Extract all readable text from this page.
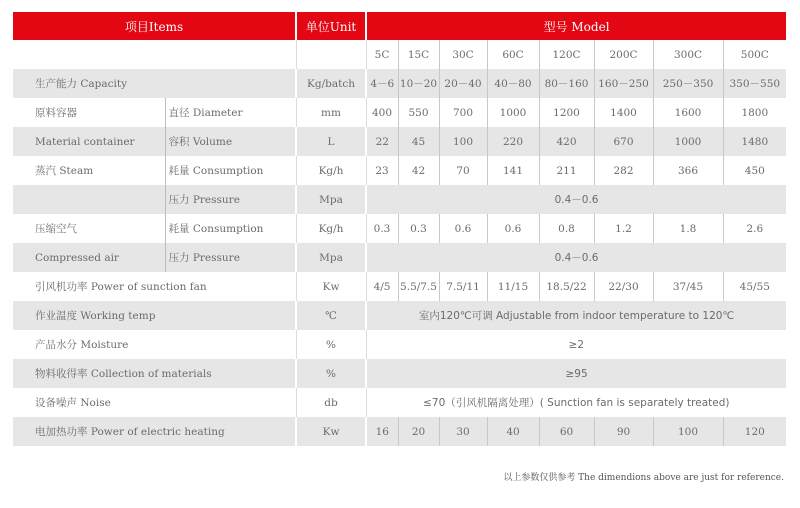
项目Items		单位Unit	型号 Model							
			5C	15C	30C	60C	120C	200C	300C	500C
生产能力 Capacity		Kg/batch	4－6	10－20	20－40	40－80	80－160	160－250	250－350	350－550
原料容器	直径 Diameter	mm	400	550	700	1000	1200	1400	1600	1800
Material container	容积 Volume	L	22	45	100	220	420	670	1000	1480
蒸汽 Steam	耗量 Consumption	Kg/h	23	42	70	141	211	282	366	450
	压力 Pressure	Mpa	0.4－0.6							
压缩空气	耗量 Consumption	Kg/h	0.3	0.3	0.6	0.6	0.8	1.2	1.8	2.6
Compressed air	压力 Pressure	Mpa	0.4－0.6							
引风机功率 Power of sunction fan		Kw	4/5	5.5/7.5	7.5/11	11/15	18.5/22	22/30	37/45	45/55
作业温度 Working temp		℃	室内120℃可调 Adjustable from indoor temperature to 120℃							
产品水分 Moisture		%	≥2							
物料收得率 Collection of materials		%	≥95							
设备噪声 Noise		db	≤70（引风机隔离处理）( Sunction fan is separately treated)							
电加热功率 Power of electric heating		Kw	16	20	30	40	60	90	100	120
以上参数仅供参考 The dimendions above are just for reference.
